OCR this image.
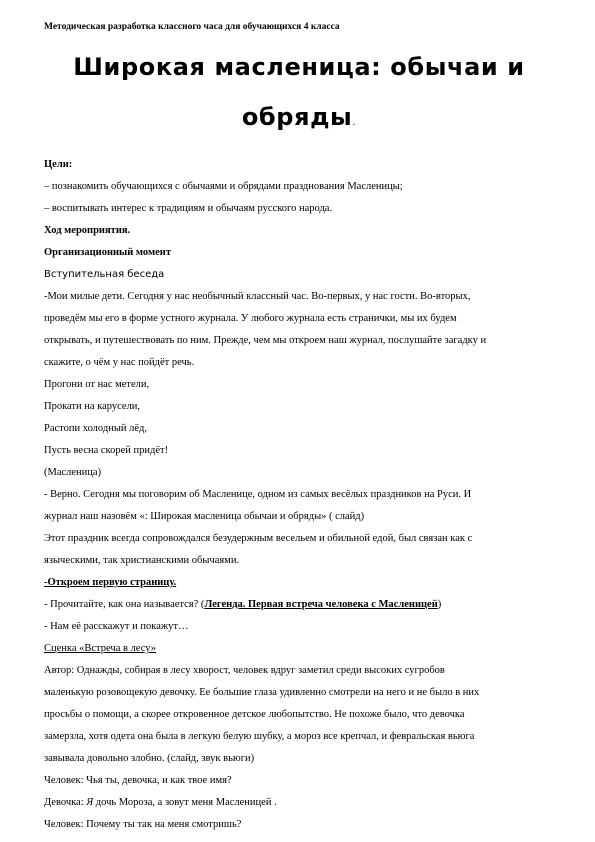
Методическая разработка классного часа для обучающихся 4 класса
Широкая масленица: обычаи и
обряды.
Цели:
– познакомить обучающихся с обычаями и обрядами празднования Масленицы;
– воспитывать интерес к традициям и обычаям русского народа.
Ход мероприятия.
Организационный момент
Вступительная беседа
-Мои милые дети. Сегодня у нас необычный классный час. Во-первых, у нас гости. Во-вторых,
проведём мы его в форме устного журнала. У любого журнала есть странички, мы их будем
открывать, и путешествовать по ним. Прежде, чем мы откроем наш журнал, послушайте загадку и
скажите, о чём у нас пойдёт речь.
Прогони от нас метели,
Прокати на карусели,
Растопи холодный лёд,
Пусть весна скорей придёт!
(Масленица)
- Верно. Сегодня мы поговорим об Масленице, одном из самых весёлых праздников на Руси. И
журнал наш назовём «: Широкая масленица обычаи и обряды» ( слайд)
Этот праздник всегда сопровождался безудержным весельем и обильной едой, был связан как с
языческими, так христианскими обычаями.
-Откроем первую страницу.
- Прочитайте, как она называется? (Легенда. Первая встреча человека с Масленицей)
- Нам её расскажут и покажут…
Сценка «Встреча в лесу»
Автор: Однажды, собирая в лесу хворост, человек вдруг заметил среди высоких сугробов
маленькую розовощекую девочку. Ее большие глаза удивленно смотрели на него и не было в них
просьбы о помощи, а скорее откровенное детское любопытство. Не похоже было, что девочка
замерзла, хотя одета она была в легкую белую шубку, а мороз все крепчал, и февральская вьюга
завывала довольно злобно. (слайд, звук вьюги)
Человек: Чья ты, девочка, и как твое имя?
Девочка: Я дочь Мороза, а зовут меня Масленицей .
Человек: Почему ты так на меня смотришь?
